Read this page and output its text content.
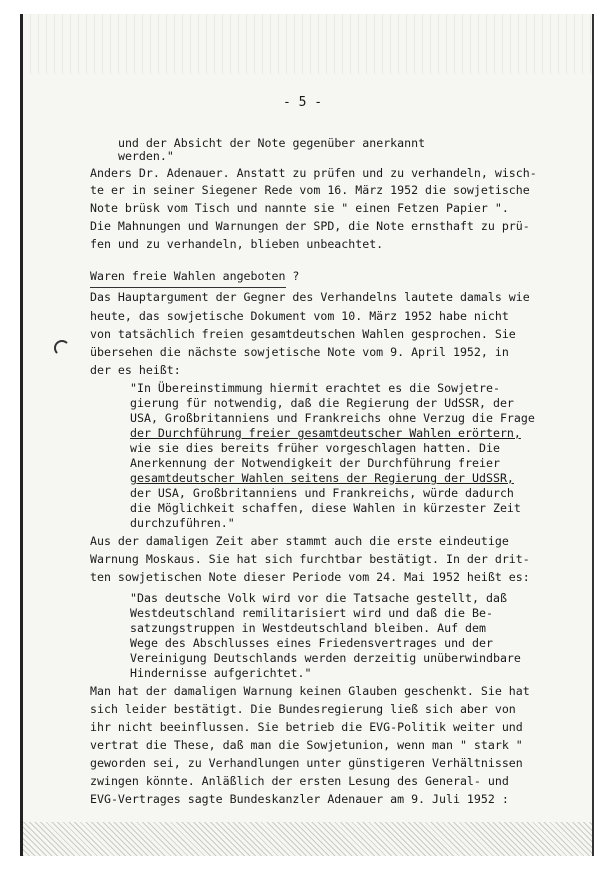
- 5 -
und der Absicht der Note gegenüber anerkannt
werden."
Anders Dr. Adenauer. Anstatt zu prüfen und zu verhandeln, wisch-
te er in seiner Siegener Rede vom 16. März 1952 die sowjetische
Note brüsk vom Tisch und nannte sie " einen Fetzen Papier ".
Die Mahnungen und Warnungen der SPD, die Note ernsthaft zu prü-
fen und zu verhandeln, blieben unbeachtet.
Waren freie Wahlen angeboten ?
Das Hauptargument der Gegner des Verhandelns lautete damals wie
heute, das sowjetische Dokument vom 10. März 1952 habe nicht
von tatsächlich freien gesamtdeutschen Wahlen gesprochen. Sie
übersehen die nächste sowjetische Note vom 9. April 1952, in
der es heißt:
"In Übereinstimmung hiermit erachtet es die Sowjetre-
gierung für notwendig, daß die Regierung der UdSSR, der
USA, Großbritanniens und Frankreichs ohne Verzug die Frage
der Durchführung freier gesamtdeutscher Wahlen erörtern,
wie sie dies bereits früher vorgeschlagen hatten. Die
Anerkennung der Notwendigkeit der Durchführung freier
gesamtdeutscher Wahlen seitens der Regierung der UdSSR,
der USA, Großbritanniens und Frankreichs, würde dadurch
die Möglichkeit schaffen, diese Wahlen in kürzester Zeit
durchzuführen."
Aus der damaligen Zeit aber stammt auch die erste eindeutige
Warnung Moskaus. Sie hat sich furchtbar bestätigt. In der drit-
ten sowjetischen Note dieser Periode vom 24. Mai 1952 heißt es:
"Das deutsche Volk wird vor die Tatsache gestellt, daß
Westdeutschland remilitarisiert wird und daß die Be-
satzungstruppen in Westdeutschland bleiben. Auf dem
Wege des Abschlusses eines Friedensvertrages und der
Vereinigung Deutschlands werden derzeitig unüberwindbare
Hindernisse aufgerichtet."
Man hat der damaligen Warnung keinen Glauben geschenkt. Sie hat
sich leider bestätigt. Die Bundesregierung ließ sich aber von
ihr nicht beeinflussen. Sie betrieb die EVG-Politik weiter und
vertrat die These, daß man die Sowjetunion, wenn man " stark "
geworden sei, zu Verhandlungen unter günstigeren Verhältnissen
zwingen könnte. Anläßlich der ersten Lesung des General- und
EVG-Vertrages sagte Bundeskanzler Adenauer am 9. Juli 1952 :
